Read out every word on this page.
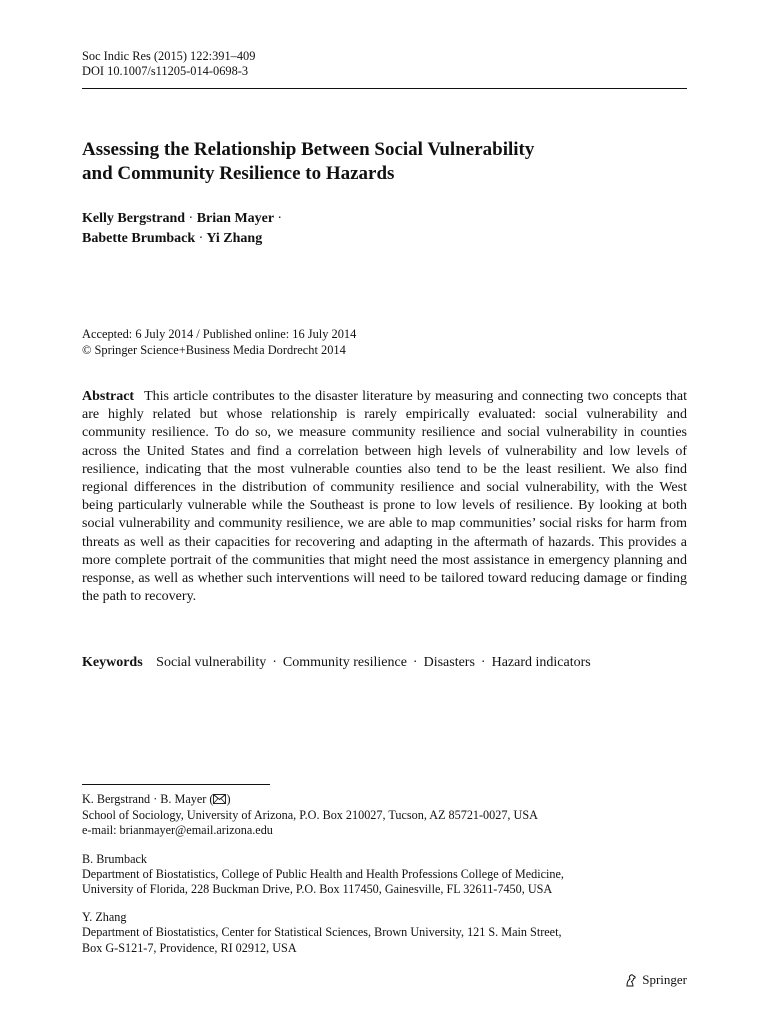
Soc Indic Res (2015) 122:391–409
DOI 10.1007/s11205-014-0698-3
Assessing the Relationship Between Social Vulnerability
and Community Resilience to Hazards
Kelly Bergstrand · Brian Mayer ·
Babette Brumback · Yi Zhang
Accepted: 6 July 2014 / Published online: 16 July 2014
© Springer Science+Business Media Dordrecht 2014

Abstract This article contributes to the disaster literature by measuring and connecting two concepts that are highly related but whose relationship is rarely empirically evaluated: social vulnerability and community resilience. To do so, we measure community resilience and social vulnerability in counties across the United States and find a correlation between high levels of vulnerability and low levels of resilience, indicating that the most vulnerable counties also tend to be the least resilient. We also find regional differences in the distribution of community resilience and social vulnerability, with the West being particularly vulnerable while the Southeast is prone to low levels of resilience. By looking at both social vulnerability and community resilience, we are able to map communities’ social risks for harm from threats as well as their capacities for recovering and adapting in the aftermath of hazards. This provides a more complete portrait of the communities that might need the most assistance in emergency planning and response, as well as whether such interventions will need to be tailored toward reducing damage or finding the path to recovery.

Keywords Social vulnerability · Community resilience · Disasters · Hazard indicators
K. Bergstrand · B. Mayer ( )
School of Sociology, University of Arizona, P.O. Box 210027, Tucson, AZ 85721-0027, USA
e-mail: brianmayer@email.arizona.edu
B. Brumback
Department of Biostatistics, College of Public Health and Health Professions College of Medicine,
University of Florida, 228 Buckman Drive, P.O. Box 117450, Gainesville, FL 32611-7450, USA
Y. Zhang
Department of Biostatistics, Center for Statistical Sciences, Brown University, 121 S. Main Street,
Box G-S121-7, Providence, RI 02912, USA
Springer
